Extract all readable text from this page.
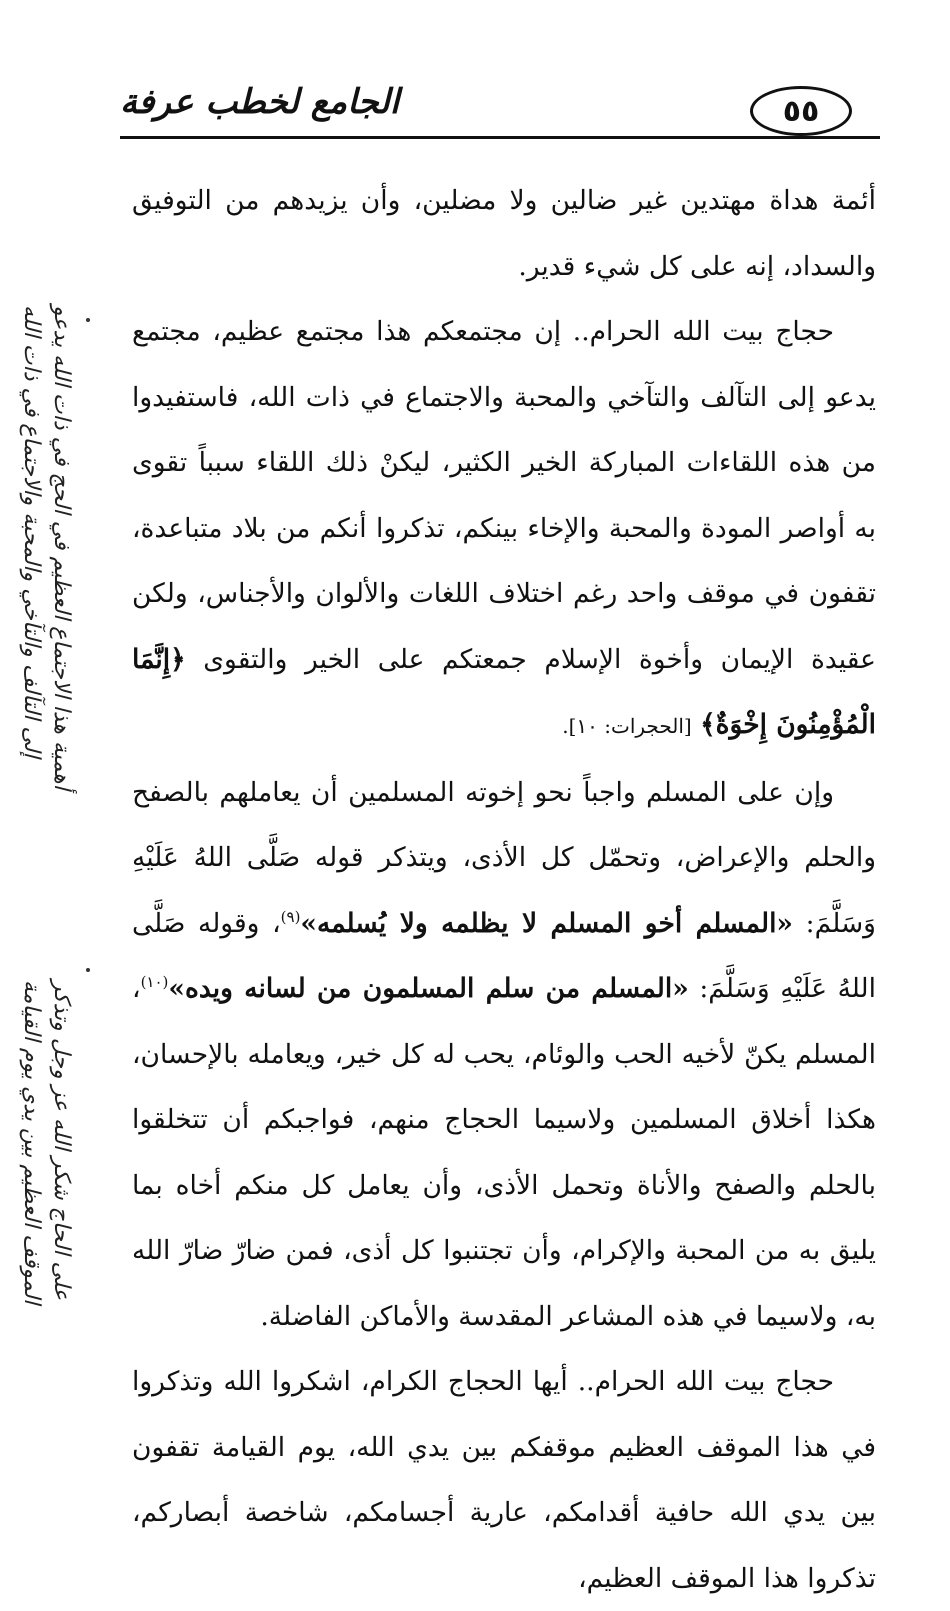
الجامع لخطب عرفة	٥٥
أهمية هذا الاجتماع العظيم في الحج في ذات الله يدعو
إلى التآلف والتآخي والمحبة والاجتماع في ذات الله
على الحاج شكر الله عز وجل وتذكر
الموقف العظيم بين يدي يوم القيامة

أئمة هداة مهتدين غير ضالين ولا مضلين، وأن يزيدهم من التوفيق والسداد، إنه على كل شيء قدير.

حجاج بيت الله الحرام.. إن مجتمعكم هذا مجتمع عظيم، مجتمع يدعو إلى التآلف والتآخي والمحبة والاجتماع في ذات الله، فاستفيدوا من هذه اللقاءات المباركة الخير الكثير، ليكنْ ذلك اللقاء سبباً تقوى به أواصر المودة والمحبة والإخاء بينكم، تذكروا أنكم من بلاد متباعدة، تقفون في موقف واحد رغم اختلاف اللغات والألوان والأجناس، ولكن عقيدة الإيمان وأخوة الإسلام جمعتكم على الخير والتقوى ﴿إِنَّمَا الْمُؤْمِنُونَ إِخْوَةٌ﴾ [الحجرات: ١٠].

وإن على المسلم واجباً نحو إخوته المسلمين أن يعاملهم بالصفح والحلم والإعراض، وتحمّل كل الأذى، ويتذكر قوله صَلَّى اللهُ عَلَيْهِ وَسَلَّمَ: «المسلم أخو المسلم لا يظلمه ولا يُسلمه»$^{(٩)}$، وقوله صَلَّى اللهُ عَلَيْهِ وَسَلَّمَ: «المسلم من سلم المسلمون من لسانه ويده»$^{(١٠)}$، المسلم يكنّ لأخيه الحب والوئام، يحب له كل خير، ويعامله بالإحسان، هكذا أخلاق المسلمين ولاسيما الحجاج منهم، فواجبكم أن تتخلقوا بالحلم والصفح والأناة وتحمل الأذى، وأن يعامل كل منكم أخاه بما يليق به من المحبة والإكرام، وأن تجتنبوا كل أذى، فمن ضارّ ضارّ الله به، ولاسيما في هذه المشاعر المقدسة والأماكن الفاضلة.

حجاج بيت الله الحرام.. أيها الحجاج الكرام، اشكروا الله وتذكروا في هذا الموقف العظيم موقفكم بين يدي الله، يوم القيامة تقفون بين يدي الله حافية أقدامكم، عارية أجسامكم، شاخصة أبصاركم، تذكروا هذا الموقف العظيم،
